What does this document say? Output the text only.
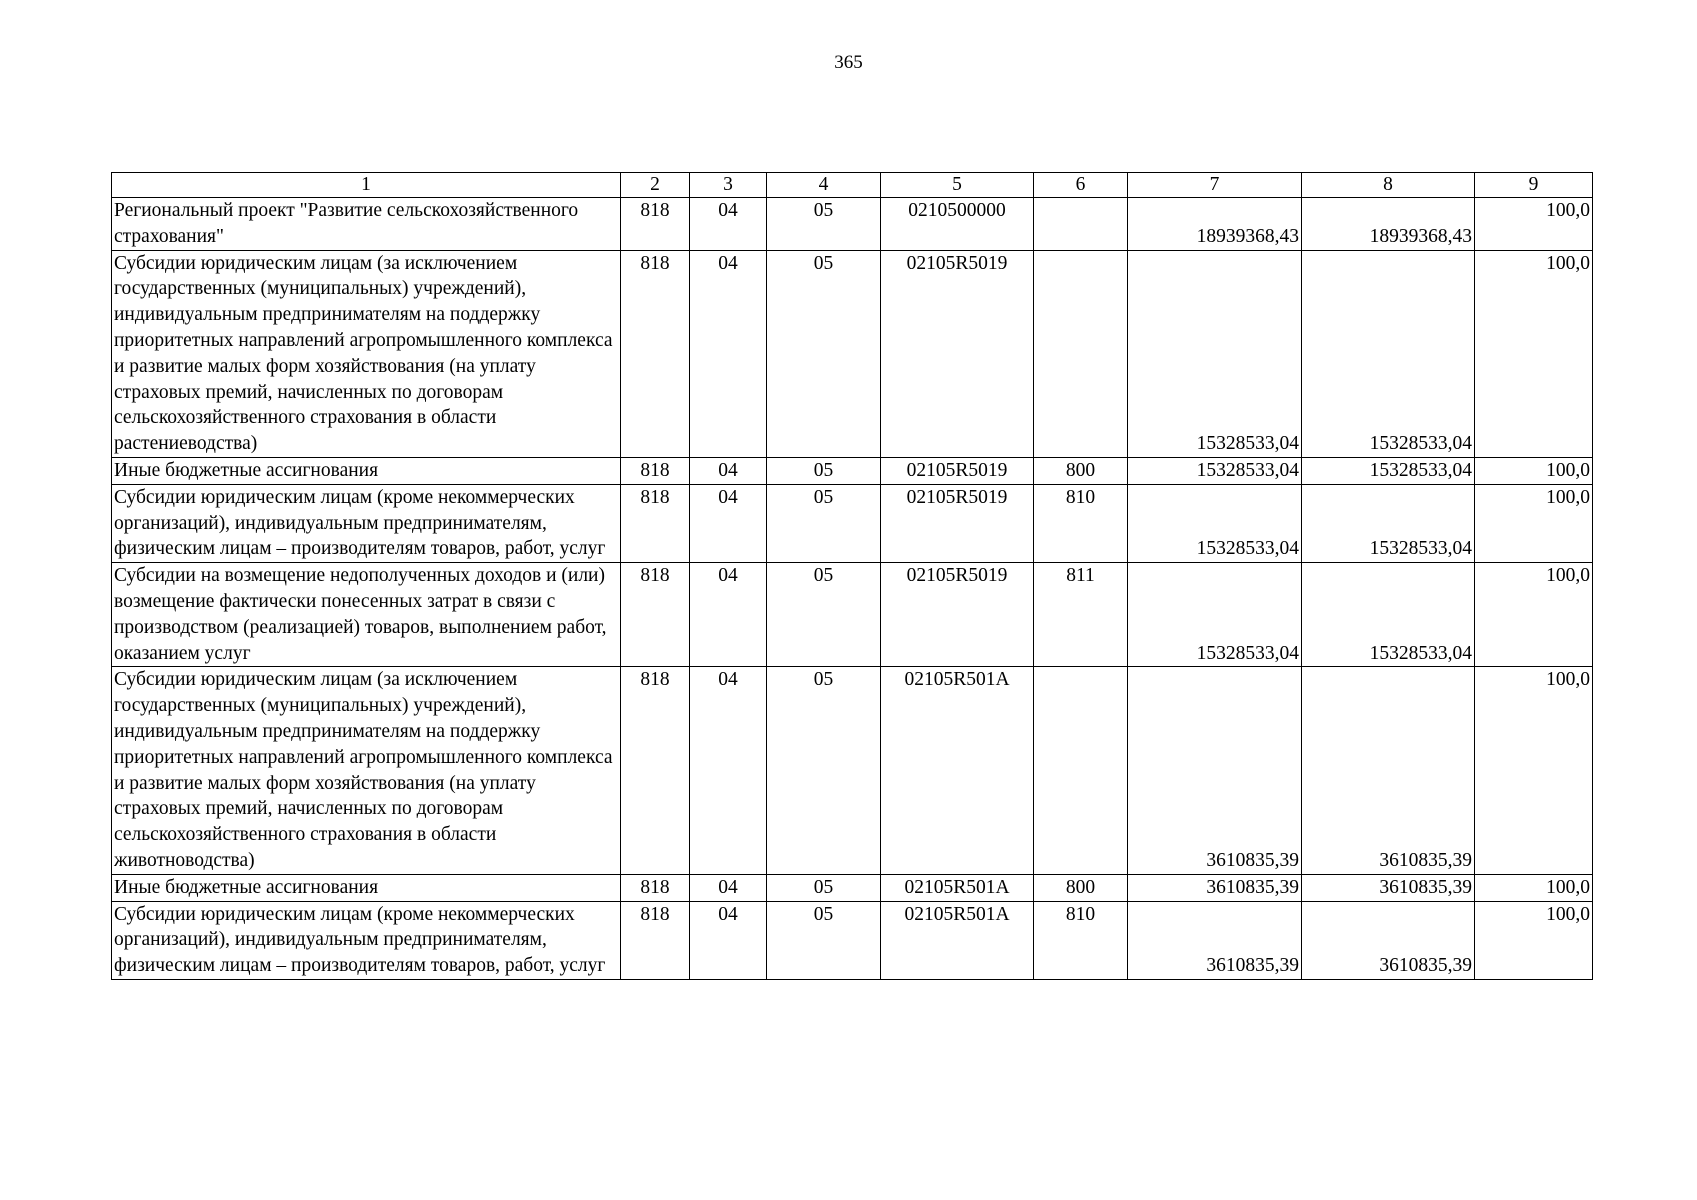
365
1	2	3	4	5	6	7	8	9
Региональный проект "Развитие сельскохозяйственного страхования"	818	04	05	0210500000		18939368,43	18939368,43	100,0
Субсидии юридическим лицам (за исключением государственных (муниципальных) учреждений), индивидуальным предпринимателям на поддержку приоритетных направлений агропромышленного комплекса и развитие малых форм хозяйствования (на уплату страховых премий, начисленных по договорам сельскохозяйственного страхования в области растениеводства)	818	04	05	02105R5019		15328533,04	15328533,04	100,0
Иные бюджетные ассигнования	818	04	05	02105R5019	800	15328533,04	15328533,04	100,0
Субсидии юридическим лицам (кроме некоммерческих организаций), индивидуальным предпринимателям, физическим лицам – производителям товаров, работ, услуг	818	04	05	02105R5019	810	15328533,04	15328533,04	100,0
Субсидии на возмещение недополученных доходов и (или) возмещение фактически понесенных затрат в связи с производством (реализацией) товаров, выполнением работ, оказанием услуг	818	04	05	02105R5019	811	15328533,04	15328533,04	100,0
Субсидии юридическим лицам (за исключением государственных (муниципальных) учреждений), индивидуальным предпринимателям на поддержку приоритетных направлений агропромышленного комплекса и развитие малых форм хозяйствования (на уплату страховых премий, начисленных по договорам сельскохозяйственного страхования в области животноводства)	818	04	05	02105R501A		3610835,39	3610835,39	100,0
Иные бюджетные ассигнования	818	04	05	02105R501A	800	3610835,39	3610835,39	100,0
Субсидии юридическим лицам (кроме некоммерческих организаций), индивидуальным предпринимателям, физическим лицам – производителям товаров, работ, услуг	818	04	05	02105R501A	810	3610835,39	3610835,39	100,0
